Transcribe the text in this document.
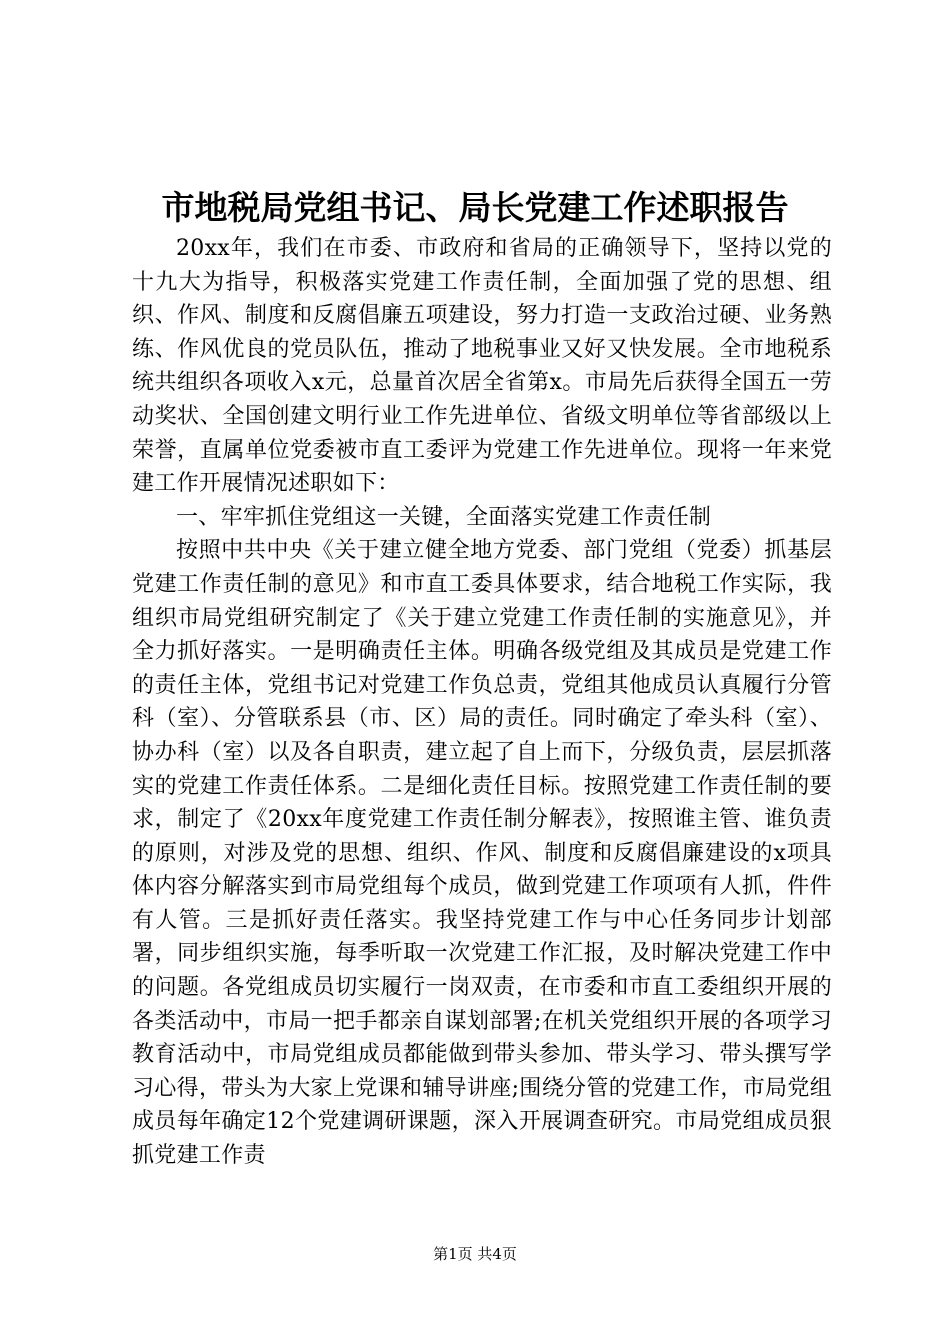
市地税局党组书记、局长党建工作述职报告

20xx年，我们在市委、市政府和省局的正确领导下，坚持以党的十九大为指导，积极落实党建工作责任制，全面加强了党的思想、组织、作风、制度和反腐倡廉五项建设，努力打造一支政治过硬、业务熟练、作风优良的党员队伍，推动了地税事业又好又快发展。全市地税系统共组织各项收入x元，总量首次居全省第x。市局先后获得全国五一劳动奖状、全国创建文明行业工作先进单位、省级文明单位等省部级以上荣誉，直属单位党委被市直工委评为党建工作先进单位。现将一年来党建工作开展情况述职如下：

一、牢牢抓住党组这一关键，全面落实党建工作责任制

按照中共中央《关于建立健全地方党委、部门党组（党委）抓基层党建工作责任制的意见》和市直工委具体要求，结合地税工作实际，我组织市局党组研究制定了《关于建立党建工作责任制的实施意见》，并全力抓好落实。一是明确责任主体。明确各级党组及其成员是党建工作的责任主体，党组书记对党建工作负总责，党组其他成员认真履行分管科（室）、分管联系县（市、区）局的责任。同时确定了牵头科（室）、协办科（室）以及各自职责，建立起了自上而下，分级负责，层层抓落实的党建工作责任体系。二是细化责任目标。按照党建工作责任制的要求，制定了《20xx年度党建工作责任制分解表》，按照谁主管、谁负责的原则，对涉及党的思想、组织、作风、制度和反腐倡廉建设的x项具体内容分解落实到市局党组每个成员，做到党建工作项项有人抓，件件有人管。三是抓好责任落实。我坚持党建工作与中心任务同步计划部署，同步组织实施，每季听取一次党建工作汇报，及时解决党建工作中的问题。各党组成员切实履行一岗双责，在市委和市直工委组织开展的各类活动中，市局一把手都亲自谋划部署;在机关党组织开展的各项学习教育活动中，市局党组成员都能做到带头参加、带头学习、带头撰写学习心得，带头为大家上党课和辅导讲座;围绕分管的党建工作，市局党组成员每年确定12个党建调研课题，深入开展调查研究。市局党组成员狠抓党建工作责

第1页 共4页
